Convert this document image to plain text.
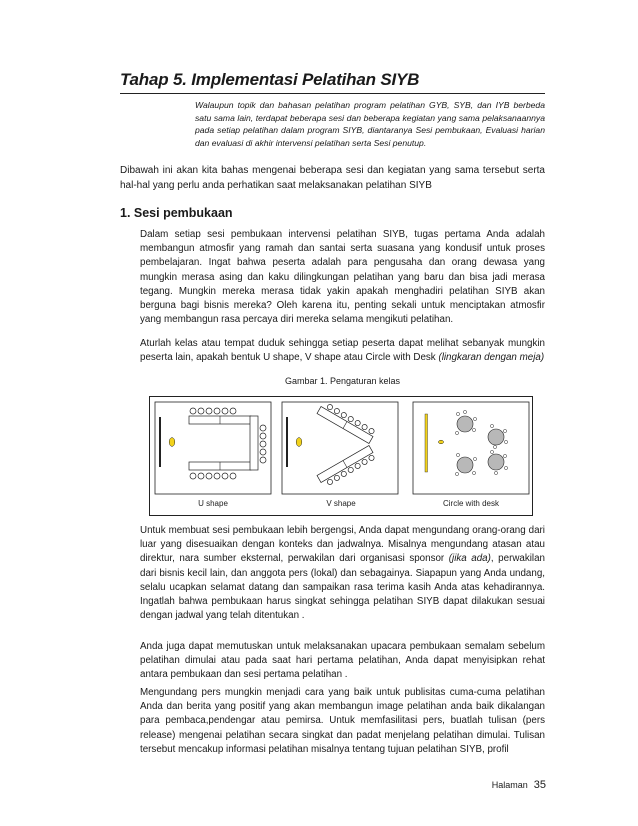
Tahap 5. Implementasi Pelatihan SIYB
Walaupun topik dan bahasan pelatihan program pelatihan GYB, SYB, dan IYB berbeda satu sama lain, terdapat beberapa sesi dan beberapa kegiatan yang sama pelaksanaannya pada setiap pelatihan dalam program SIYB, diantaranya Sesi pembukaan, Evaluasi harian dan evaluasi di akhir intervensi pelatihan serta Sesi penutup.
Dibawah ini akan kita bahas mengenai beberapa sesi dan kegiatan yang sama tersebut serta hal-hal yang perlu anda perhatikan saat melaksanakan pelatihan SIYB
1. Sesi pembukaan
Dalam setiap sesi pembukaan intervensi pelatihan SIYB, tugas pertama Anda adalah membangun atmosfir yang ramah dan santai serta suasana yang kondusif untuk proses pembelajaran. Ingat bahwa peserta adalah para pengusaha dan orang dewasa yang mungkin merasa asing dan kaku dilingkungan pelatihan yang baru dan bisa jadi merasa tegang. Mungkin mereka merasa tidak yakin apakah menghadiri pelatihan SIYB akan berguna bagi bisnis mereka? Oleh karena itu, penting sekali untuk menciptakan atmosfir yang membangun rasa percaya diri mereka selama mengikuti pelatihan.
Aturlah kelas atau tempat duduk sehingga setiap peserta dapat melihat sebanyak mungkin peserta lain, apakah bentuk U shape, V shape atau Circle with Desk (lingkaran dengan meja)
Gambar 1. Pengaturan kelas
U shape	V shape	Circle with desk
Untuk membuat sesi pembukaan lebih bergengsi, Anda dapat mengundang orang-orang dari luar yang disesuaikan dengan konteks dan jadwalnya. Misalnya mengundang atasan atau direktur, nara sumber eksternal, perwakilan dari organisasi sponsor (jika ada), perwakilan dari bisnis kecil lain, dan anggota pers (lokal) dan sebagainya. Siapapun yang Anda undang, selalu ucapkan selamat datang dan sampaikan rasa terima kasih Anda atas kehadirannya. Ingatlah bahwa pembukaan harus singkat sehingga pelatihan SIYB dapat dilakukan sesuai dengan jadwal yang telah ditentukan .
Anda juga dapat memutuskan untuk melaksanakan upacara pembukaan semalam sebelum pelatihan dimulai atau pada saat hari pertama pelatihan, Anda dapat menyisipkan rehat antara pembukaan dan sesi pertama pelatihan .
Mengundang pers mungkin menjadi cara yang baik untuk publisitas cuma-cuma pelatihan Anda dan berita yang positif yang akan membangun image pelatihan anda baik dikalangan para pembaca,pendengar atau pemirsa. Untuk memfasilitasi pers, buatlah tulisan (pers release) mengenai pelatihan secara singkat dan padat menjelang pelatihan dimulai. Tulisan tersebut mencakup informasi pelatihan misalnya tentang tujuan pelatihan SIYB, profil
Halaman 35
